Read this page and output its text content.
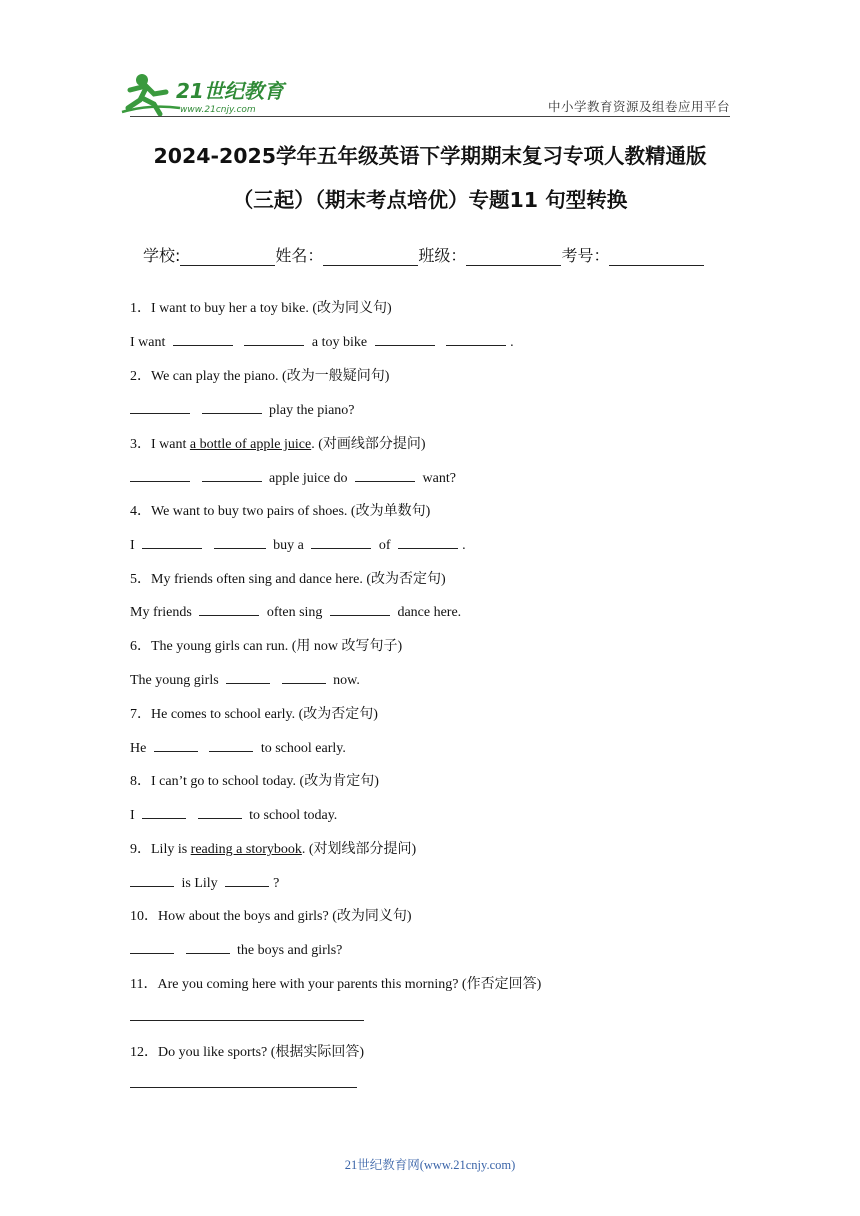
21世纪教育
www.21cnjy.com	中小学教育资源及组卷应用平台
2024-2025学年五年级英语下学期期末复习专项人教精通版
（三起）（期末考点培优）专题11 句型转换
学校:	姓名：	班级：	考号：
1．I want to buy her a toy bike. (改为同义句)
I want	a toy bike	.
2．We can play the piano. (改为一般疑问句)
play the piano?
3．I want a bottle of apple juice. (对画线部分提问)
apple juice do	want?
4．We want to buy two pairs of shoes. (改为单数句)
I	buy a	of	.
5．My friends often sing and dance here. (改为否定句)
My friends	often sing	dance here.
6．The young girls can run. (用 now 改写句子)
The young girls	now.
7．He comes to school early. (改为否定句)
He	to school early.
8．I can’t go to school today. (改为肯定句)
I	to school today.
9．Lily is reading a storybook. (对划线部分提问)
is Lily	?
10．How about the boys and girls? (改为同义句)
the boys and girls?
11．Are you coming here with your parents this morning? (作否定回答)
12．Do you like sports? (根据实际回答)
21世纪教育网(www.21cnjy.com)
